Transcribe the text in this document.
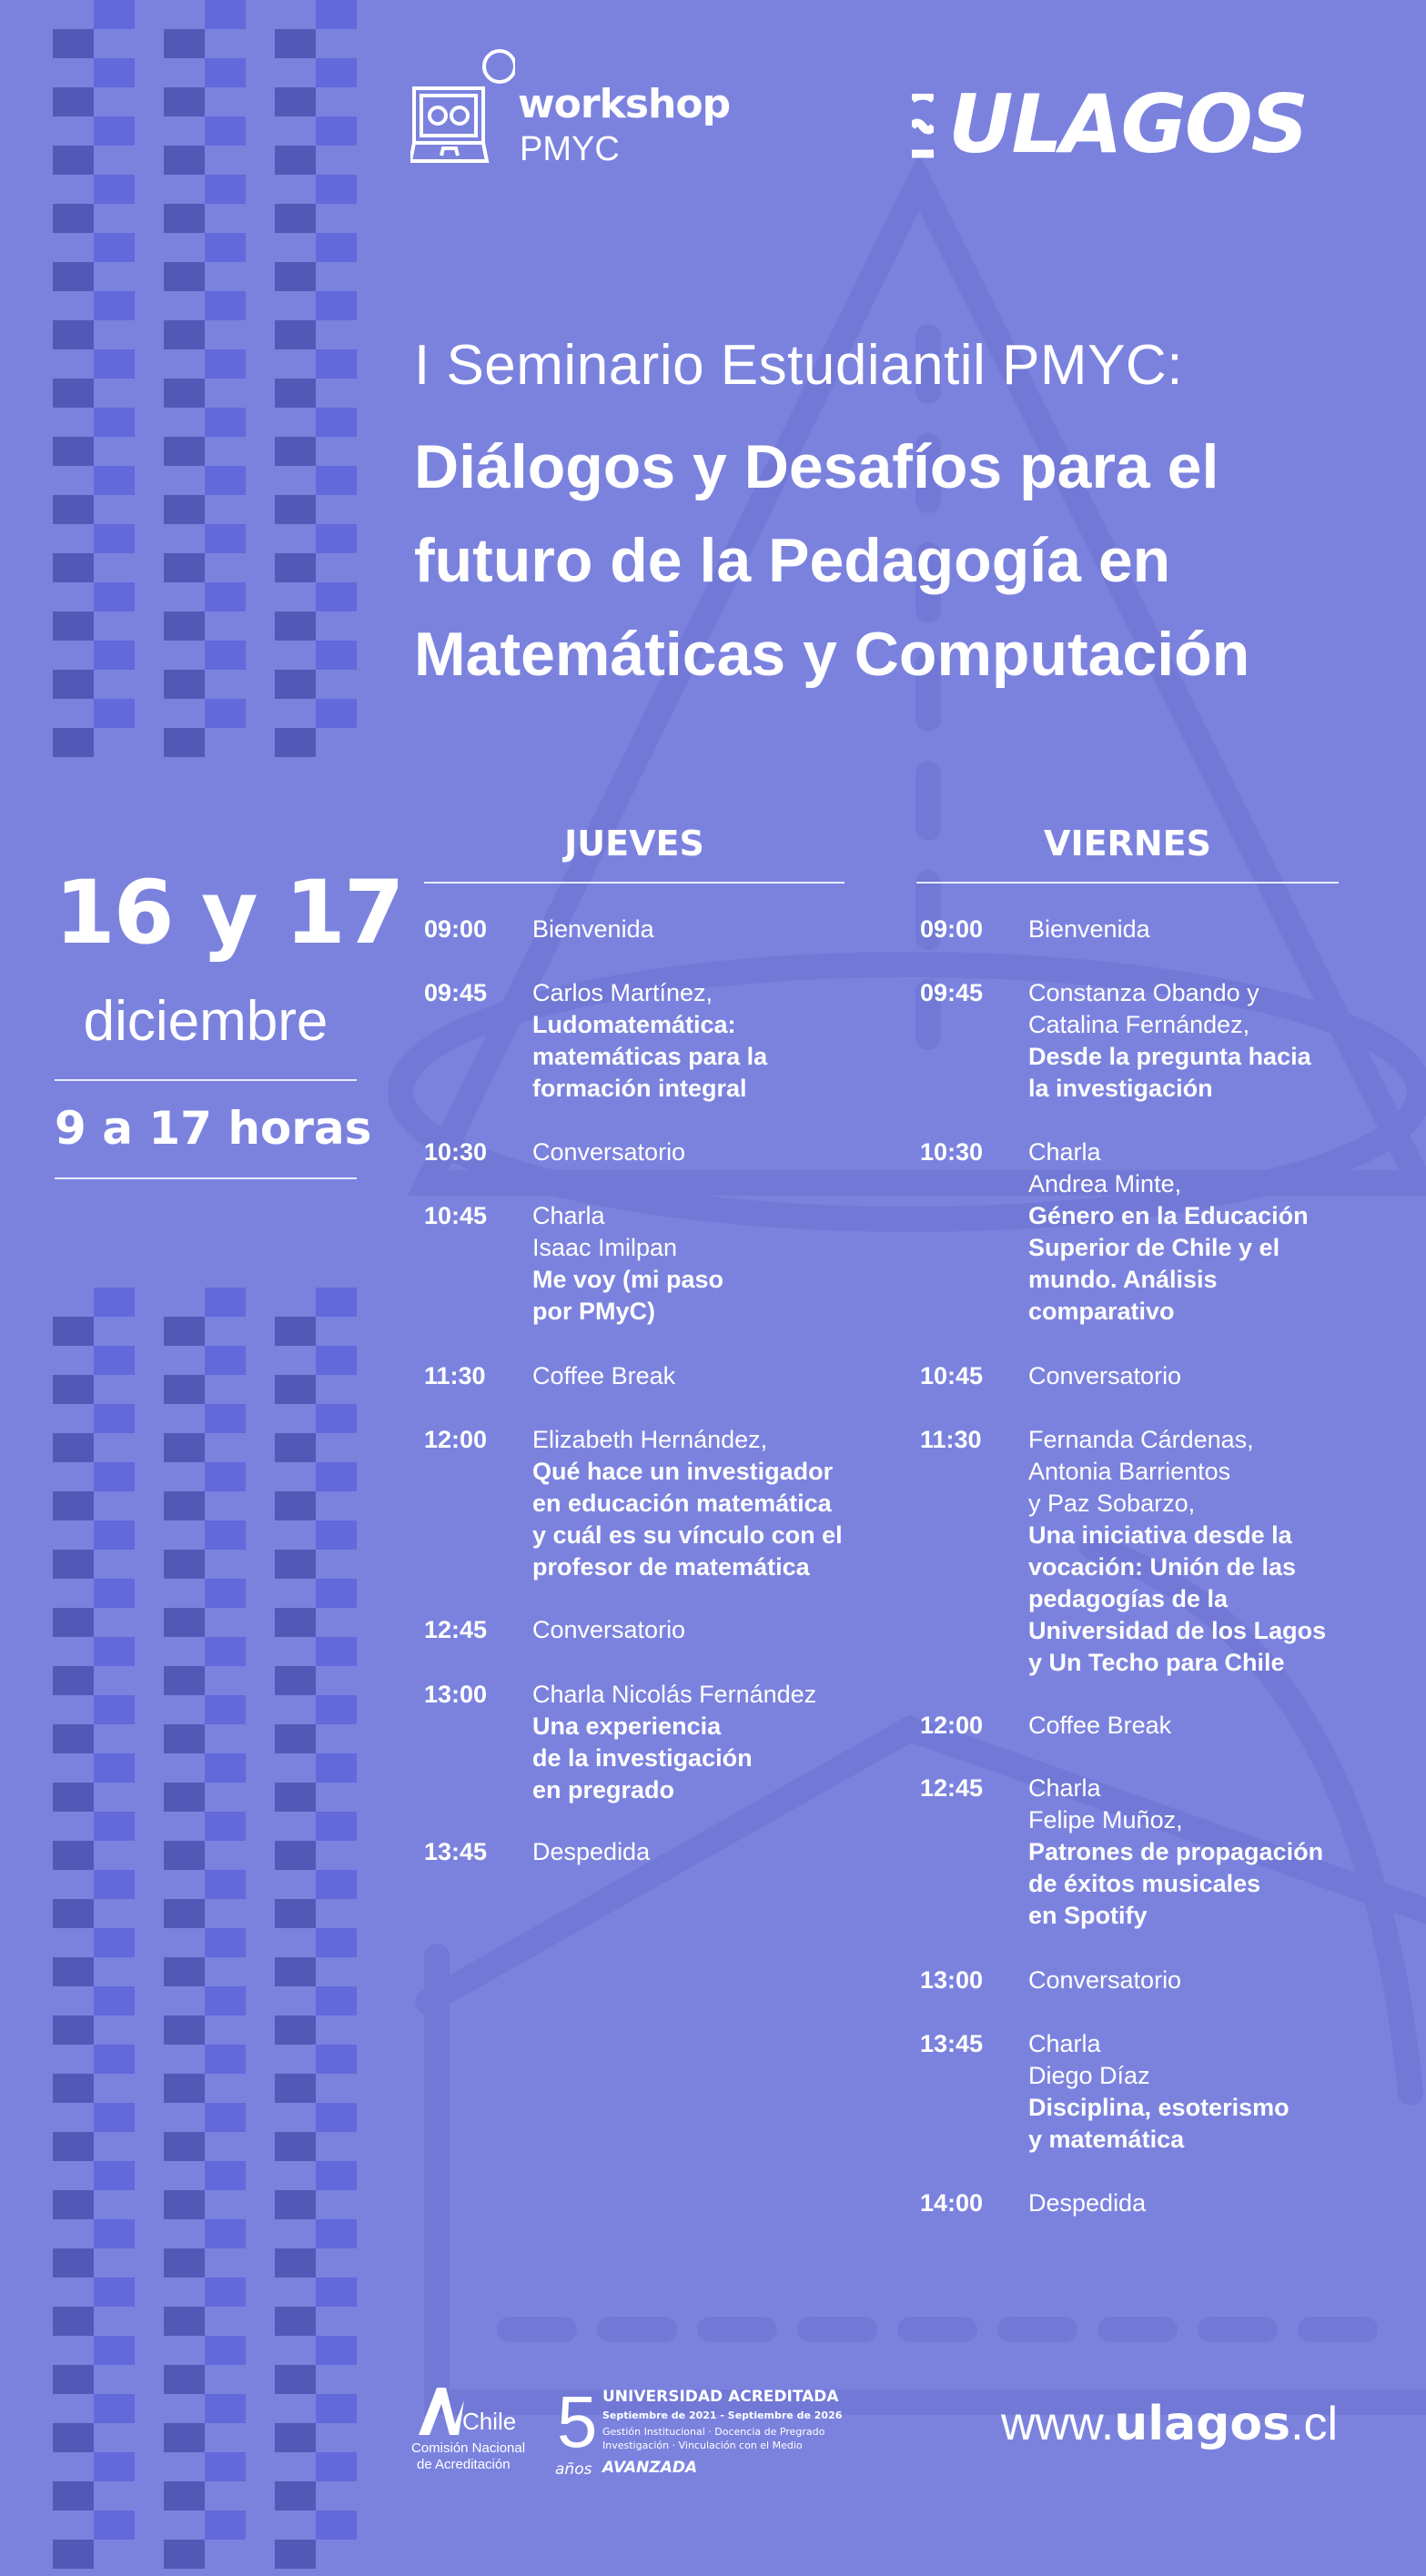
workshop
PMYC	ULAGOS
I Seminario Estudiantil PMYC:
Diálogos y Desafíos para el
futuro de la Pedagogía en
Matemáticas y Computación
16 y 17
diciembre
9 a 17 horas
JUEVES	VIERNES
09:00	Bienvenida
09:45	Carlos Martínez,
Ludomatemática:
matemáticas para la
formación integral
10:30	Conversatorio
10:45	Charla
Isaac Imilpan
Me voy (mi paso
por PMyC)
11:30	Coffee Break
12:00	Elizabeth Hernández,
Qué hace un investigador
en educación matemática
y cuál es su vínculo con el
profesor de matemática
12:45	Conversatorio
13:00	Charla Nicolás Fernández
Una experiencia
de la investigación
en pregrado
13:45	Despedida
09:00	Bienvenida
09:45	Constanza Obando y
Catalina Fernández,
Desde la pregunta hacia
la investigación
10:30	Charla
Andrea Minte,
Género en la Educación
Superior de Chile y el
mundo. Análisis
comparativo
10:45	Conversatorio
11:30	Fernanda Cárdenas,
Antonia Barrientos
y Paz Sobarzo,
Una iniciativa desde la
vocación: Unión de las
pedagogías de la
Universidad de los Lagos
y Un Techo para Chile
12:00	Coffee Break
12:45	Charla
Felipe Muñoz,
Patrones de propagación
de éxitos musicales
en Spotify
13:00	Conversatorio
13:45	Charla
Diego Díaz
Disciplina, esoterismo
y matemática
14:00	Despedida
Chile
Comisión Nacional
de Acreditación
5
años
UNIVERSIDAD ACREDITADA
Septiembre de 2021 - Septiembre de 2026
Gestión Institucional · Docencia de Pregrado
Investigación · Vinculación con el Medio
AVANZADA
www.ulagos.cl
